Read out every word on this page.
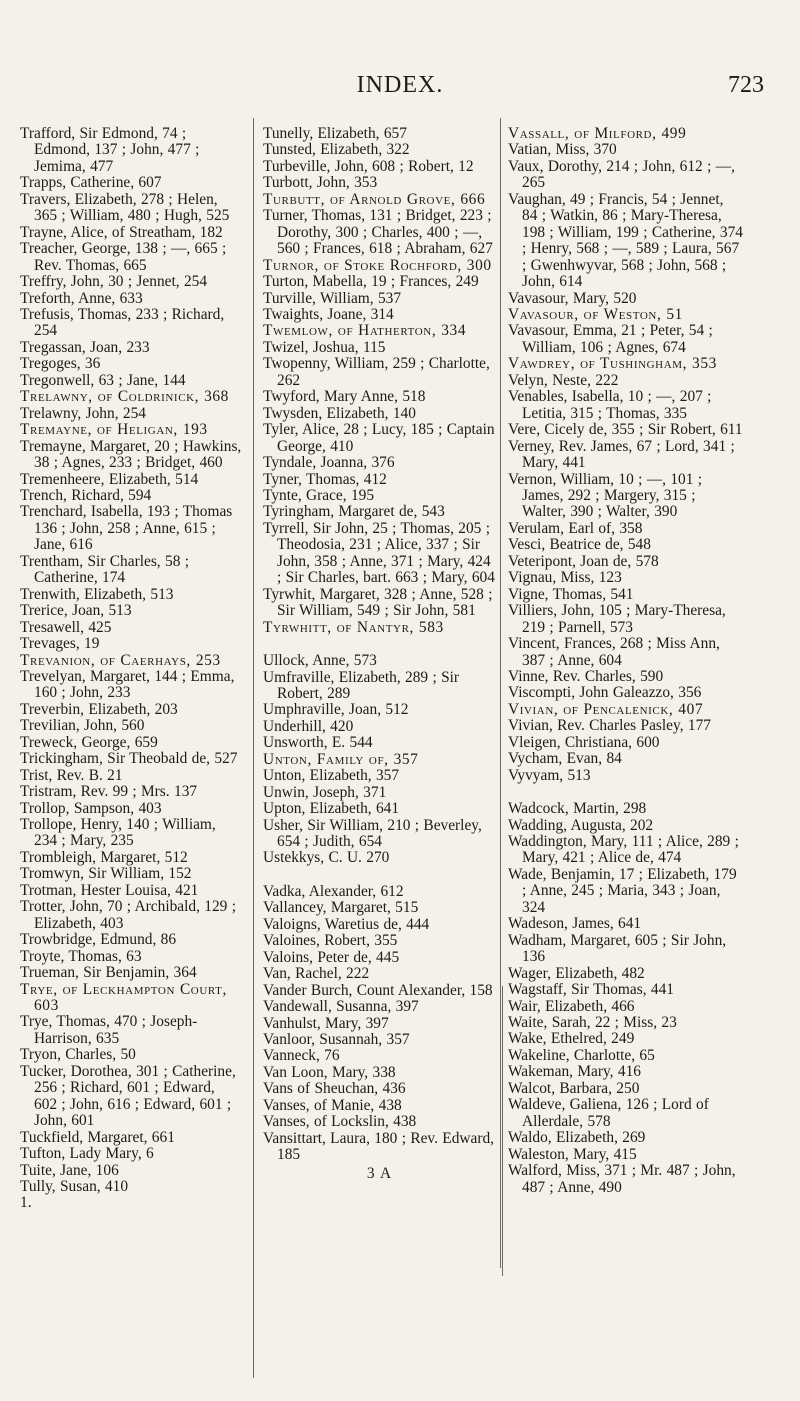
INDEX.	723

Trafford, Sir Edmond, 74 ; Edmond, 137 ; John, 477 ; Jemima, 477

Trapps, Catherine, 607

Travers, Elizabeth, 278 ; Helen, 365 ; William, 480 ; Hugh, 525

Trayne, Alice, of Streatham, 182

Treacher, George, 138 ; —, 665 ; Rev. Thomas, 665

Treffry, John, 30 ; Jennet, 254

Treforth, Anne, 633

Trefusis, Thomas, 233 ; Richard, 254

Tregassan, Joan, 233

Tregoges, 36

Tregonwell, 63 ; Jane, 144

Trelawny, of Coldrinick, 368

Trelawny, John, 254

Tremayne, of Heligan, 193

Tremayne, Margaret, 20 ; Hawkins, 38 ; Agnes, 233 ; Bridget, 460

Tremenheere, Elizabeth, 514

Trench, Richard, 594

Trenchard, Isabella, 193 ; Thomas 136 ; John, 258 ; Anne, 615 ; Jane, 616

Trentham, Sir Charles, 58 ; Catherine, 174

Trenwith, Elizabeth, 513

Trerice, Joan, 513

Tresawell, 425

Trevages, 19

Trevanion, of Caerhays, 253

Trevelyan, Margaret, 144 ; Emma, 160 ; John, 233

Treverbin, Elizabeth, 203

Trevilian, John, 560

Treweck, George, 659

Trickingham, Sir Theobald de, 527

Trist, Rev. B. 21

Tristram, Rev. 99 ; Mrs. 137

Trollop, Sampson, 403

Trollope, Henry, 140 ; William, 234 ; Mary, 235

Trombleigh, Margaret, 512

Tromwyn, Sir William, 152

Trotman, Hester Louisa, 421

Trotter, John, 70 ; Archibald, 129 ; Elizabeth, 403

Trowbridge, Edmund, 86

Troyte, Thomas, 63

Trueman, Sir Benjamin, 364

Trye, of Leckhampton Court, 603

Trye, Thomas, 470 ; Joseph-Harrison, 635

Tryon, Charles, 50

Tucker, Dorothea, 301 ; Catherine, 256 ; Richard, 601 ; Edward, 602 ; John, 616 ; Edward, 601 ; John, 601

Tuckfield, Margaret, 661

Tufton, Lady Mary, 6

Tuite, Jane, 106

Tully, Susan, 410

1.

Tunelly, Elizabeth, 657

Tunsted, Elizabeth, 322

Turbeville, John, 608 ; Robert, 12

Turbott, John, 353

Turbutt, of Arnold Grove, 666

Turner, Thomas, 131 ; Bridget, 223 ; Dorothy, 300 ; Charles, 400 ; —, 560 ; Frances, 618 ; Abraham, 627

Turnor, of Stoke Rochford, 300

Turton, Mabella, 19 ; Frances, 249

Turville, William, 537

Twaights, Joane, 314

Twemlow, of Hatherton, 334

Twizel, Joshua, 115

Twopenny, William, 259 ; Charlotte, 262

Twyford, Mary Anne, 518

Twysden, Elizabeth, 140

Tyler, Alice, 28 ; Lucy, 185 ; Captain George, 410

Tyndale, Joanna, 376

Tyner, Thomas, 412

Tynte, Grace, 195

Tyringham, Margaret de, 543

Tyrrell, Sir John, 25 ; Thomas, 205 ; Theodosia, 231 ; Alice, 337 ; Sir John, 358 ; Anne, 371 ; Mary, 424 ; Sir Charles, bart. 663 ; Mary, 604

Tyrwhit, Margaret, 328 ; Anne, 528 ; Sir William, 549 ; Sir John, 581

Tyrwhitt, of Nantyr, 583

Ullock, Anne, 573

Umfraville, Elizabeth, 289 ; Sir Robert, 289

Umphraville, Joan, 512

Underhill, 420

Unsworth, E. 544

Unton, Family of, 357

Unton, Elizabeth, 357

Unwin, Joseph, 371

Upton, Elizabeth, 641

Usher, Sir William, 210 ; Beverley, 654 ; Judith, 654

Ustekkys, C. U. 270

Vadka, Alexander, 612

Vallancey, Margaret, 515

Valoigns, Waretius de, 444

Valoines, Robert, 355

Valoins, Peter de, 445

Van, Rachel, 222

Vander Burch, Count Alexander, 158

Vandewall, Susanna, 397

Vanhulst, Mary, 397

Vanloor, Susannah, 357

Vanneck, 76

Van Loon, Mary, 338

Vans of Sheuchan, 436

Vanses, of Manie, 438

Vanses, of Lockslin, 438

Vansittart, Laura, 180 ; Rev. Edward, 185

3 A

Vassall, of Milford, 499

Vatian, Miss, 370

Vaux, Dorothy, 214 ; John, 612 ; —, 265

Vaughan, 49 ; Francis, 54 ; Jennet, 84 ; Watkin, 86 ; Mary-Theresa, 198 ; William, 199 ; Catherine, 374 ; Henry, 568 ; —, 589 ; Laura, 567 ; Gwenhwyvar, 568 ; John, 568 ; John, 614

Vavasour, Mary, 520

Vavasour, of Weston, 51

Vavasour, Emma, 21 ; Peter, 54 ; William, 106 ; Agnes, 674

Vawdrey, of Tushingham, 353

Velyn, Neste, 222

Venables, Isabella, 10 ; —, 207 ; Letitia, 315 ; Thomas, 335

Vere, Cicely de, 355 ; Sir Robert, 611

Verney, Rev. James, 67 ; Lord, 341 ; Mary, 441

Vernon, William, 10 ; —, 101 ; James, 292 ; Margery, 315 ; Walter, 390 ; Walter, 390

Verulam, Earl of, 358

Vesci, Beatrice de, 548

Veteripont, Joan de, 578

Vignau, Miss, 123

Vigne, Thomas, 541

Villiers, John, 105 ; Mary-Theresa, 219 ; Parnell, 573

Vincent, Frances, 268 ; Miss Ann, 387 ; Anne, 604

Vinne, Rev. Charles, 590

Viscompti, John Galeazzo, 356

Vivian, of Pencalenick, 407

Vivian, Rev. Charles Pasley, 177

Vleigen, Christiana, 600

Vycham, Evan, 84

Vyvyam, 513

Wadcock, Martin, 298

Wadding, Augusta, 202

Waddington, Mary, 111 ; Alice, 289 ; Mary, 421 ; Alice de, 474

Wade, Benjamin, 17 ; Elizabeth, 179 ; Anne, 245 ; Maria, 343 ; Joan, 324

Wadeson, James, 641

Wadham, Margaret, 605 ; Sir John, 136

Wager, Elizabeth, 482

Wagstaff, Sir Thomas, 441

Wair, Elizabeth, 466

Waite, Sarah, 22 ; Miss, 23

Wake, Ethelred, 249

Wakeline, Charlotte, 65

Wakeman, Mary, 416

Walcot, Barbara, 250

Waldeve, Galiena, 126 ; Lord of Allerdale, 578

Waldo, Elizabeth, 269

Waleston, Mary, 415

Walford, Miss, 371 ; Mr. 487 ; John, 487 ; Anne, 490
